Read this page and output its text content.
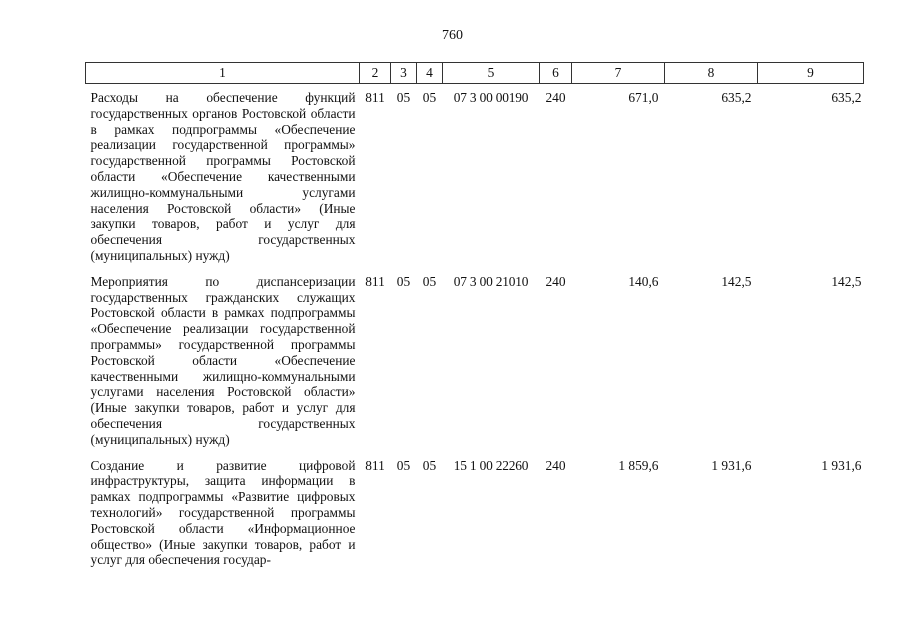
760
1	2	3	4	5	6	7	8	9
Расходы на обеспечение функций государственных органов Ростовской области в рамках подпрограммы «Обеспечение реализации государственной программы» государственной программы Ростовской области «Обеспечение качественными жилищно-коммунальными услугами населения Ростовской области» (Иные закупки товаров, работ и услуг для обеспечения государственных (муниципальных) нужд)	811	05	05	07 3 00 00190	240	671,0	635,2	635,2
Мероприятия по диспансеризации государственных гражданских служащих Ростовской области в рамках подпрограммы «Обеспечение реализации государственной программы» государственной программы Ростовской области «Обеспечение качественными жилищно-коммунальными услугами населения Ростовской области» (Иные закупки товаров, работ и услуг для обеспечения государственных (муниципальных) нужд)	811	05	05	07 3 00 21010	240	140,6	142,5	142,5
Создание и развитие цифровой инфраструктуры, защита информации в рамках подпрограммы «Развитие цифровых технологий» государственной программы Ростовской области «Информационное общество» (Иные закупки товаров, работ и услуг для обеспечения государ-	811	05	05	15 1 00 22260	240	1 859,6	1 931,6	1 931,6
